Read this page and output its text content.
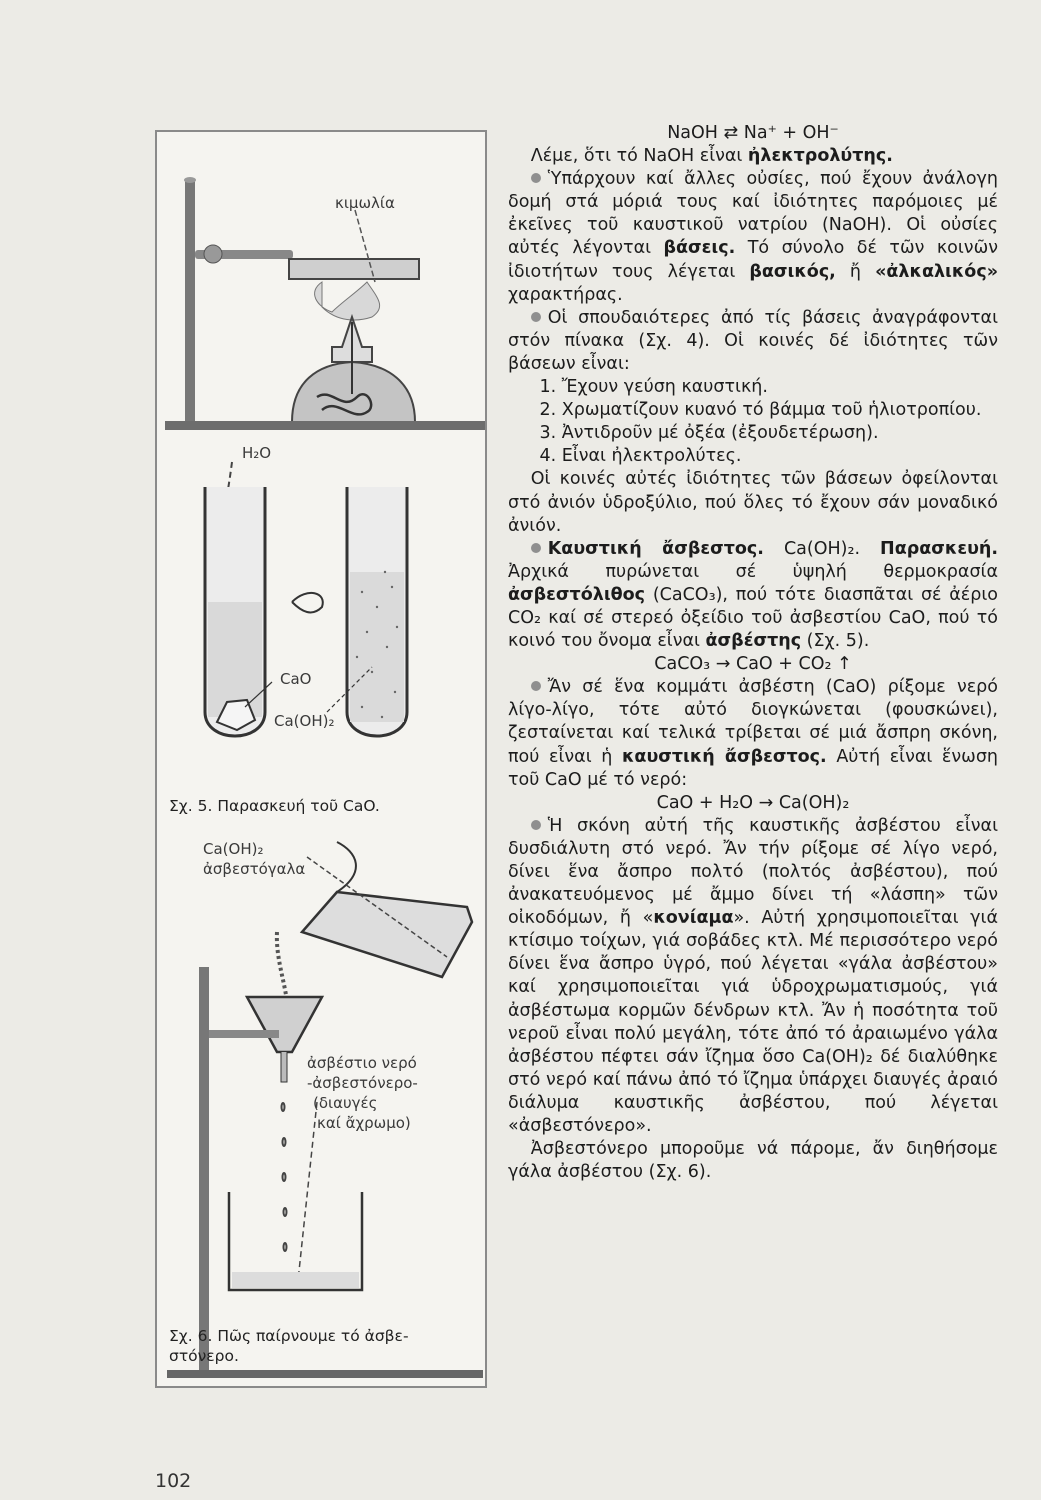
κιμωλία
H₂O
CaO
Ca(OH)₂
Σχ. 5. Παρασκευή τοῦ CaO.
Ca(OH)₂
ἀσβεστόγαλα
ἀσβέστιο νερό
-ἀσβεστόνερο-
(διαυγές
καί ἄχρωμο)
Σχ. 6. Πῶς παίρνουμε τό ἀσβε-
στόνερο.

NaOH ⇄ Na⁺ + OH⁻

Λέμε, ὅτι τό NaOH εἶναι ἠλεκτρολύτης.

Ὑπάρχουν καί ἄλλες οὐσίες, πού ἔχουν ἀνάλογη δομή στά μόριά τους καί ἰδιότητες παρόμοιες μέ ἐκεῖνες τοῦ καυστικοῦ νατρίου (NaOH). Οἱ οὐσίες αὐτές λέγονται βάσεις. Τό σύνολο δέ τῶν κοινῶν ἰδιοτήτων τους λέγεται βασικός, ἤ «ἀλκαλικός» χαρακτήρας.

Οἱ σπουδαιότερες ἀπό τίς βάσεις ἀναγράφονται στόν πίνακα (Σχ. 4). Οἱ κοινές δέ ἰδιότητες τῶν βάσεων εἶναι:

1. Ἔχουν γεύση καυστική.

2. Χρωματίζουν κυανό τό βάμμα τοῦ ἡλιοτροπίου.

3. Ἀντιδροῦν μέ ὀξέα (ἐξουδετέρωση).

4. Εἶναι ἠλεκτρολύτες.

Οἱ κοινές αὐτές ἰδιότητες τῶν βάσεων ὀφείλονται στό ἀνιόν ὑδροξύλιο, πού ὅλες τό ἔχουν σάν μοναδικό ἀνιόν.

Καυστική ἄσβεστος. Ca(OH)₂. Παρασκευή. Ἀρχικά πυρώνεται σέ ὑψηλή θερμοκρασία ἀσβεστόλιθος (CaCO₃), πού τότε διασπᾶται σέ ἀέριο CO₂ καί σέ στερεό ὀξείδιο τοῦ ἀσβεστίου CaO, πού τό κοινό του ὄνομα εἶναι ἀσβέστης (Σχ. 5).

CaCO₃ → CaO + CO₂ ↑

Ἄν σέ ἕνα κομμάτι ἀσβέστη (CaO) ρίξομε νερό λίγο-λίγο, τότε αὐτό διογκώνεται (φουσκώνει), ζεσταίνεται καί τελικά τρίβεται σέ μιά ἄσπρη σκόνη, πού εἶναι ἡ καυστική ἄσβεστος. Αὐτή εἶναι ἕνωση τοῦ CaO μέ τό νερό:

CaO + H₂O → Ca(OH)₂

Ἡ σκόνη αὐτή τῆς καυστικῆς ἀσβέστου εἶναι δυσδιάλυτη στό νερό. Ἄν τήν ρίξομε σέ λίγο νερό, δίνει ἕνα ἄσπρο πολτό (πολτός ἀσβέστου), πού ἀνακατευόμενος μέ ἄμμο δίνει τή «λάσπη» τῶν οἰκοδόμων, ἤ «κονίαμα». Αὐτή χρησιμοποιεῖται γιά κτίσιμο τοίχων, γιά σοβάδες κτλ. Μέ περισσότερο νερό δίνει ἕνα ἄσπρο ὑγρό, πού λέγεται «γάλα ἀσβέστου» καί χρησιμοποιεῖται γιά ὑδροχρωματισμούς, γιά ἀσβέστωμα κορμῶν δένδρων κτλ. Ἄν ἡ ποσότητα τοῦ νεροῦ εἶναι πολύ μεγάλη, τότε ἀπό τό ἀραιωμένο γάλα ἀσβέστου πέφτει σάν ἴζημα ὅσο Ca(OH)₂ δέ διαλύθηκε στό νερό καί πάνω ἀπό τό ἴζημα ὑπάρχει διαυγές ἀραιό διάλυμα καυστικῆς ἀσβέστου, πού λέγεται «ἀσβεστόνερο».

Ἀσβεστόνερο μποροῦμε νά πάρομε, ἄν διηθήσομε γάλα ἀσβέστου (Σχ. 6).

102
